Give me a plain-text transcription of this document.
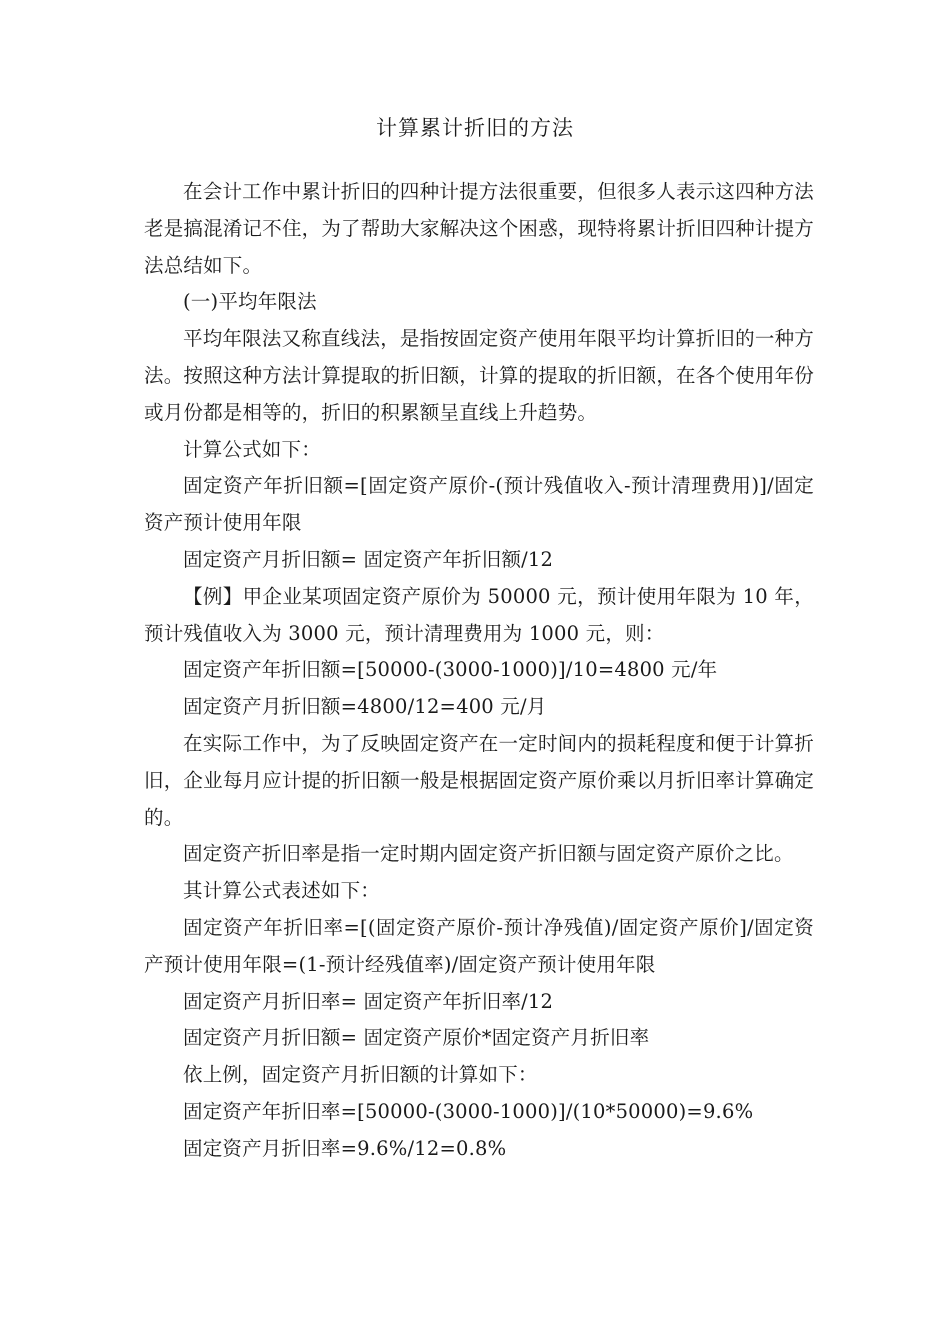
计算累计折旧的方法

在会计工作中累计折旧的四种计提方法很重要，但很多人表示这四种方法老是搞混淆记不住，为了帮助大家解决这个困惑，现特将累计折旧四种计提方法总结如下。

(一)平均年限法

平均年限法又称直线法，是指按固定资产使用年限平均计算折旧的一种方法。按照这种方法计算提取的折旧额，计算的提取的折旧额，在各个使用年份或月份都是相等的，折旧的积累额呈直线上升趋势。

计算公式如下：

固定资产年折旧额=[固定资产原价-(预计残值收入-预计清理费用)]/固定资产预计使用年限

固定资产月折旧额= 固定资产年折旧额/12

【例】甲企业某项固定资产原价为 50000 元，预计使用年限为 10 年，预计残值收入为 3000 元，预计清理费用为 1000 元，则：

固定资产年折旧额=[50000-(3000-1000)]/10=4800 元/年

固定资产月折旧额=4800/12=400 元/月

在实际工作中，为了反映固定资产在一定时间内的损耗程度和便于计算折旧，企业每月应计提的折旧额一般是根据固定资产原价乘以月折旧率计算确定的。

固定资产折旧率是指一定时期内固定资产折旧额与固定资产原价之比。

其计算公式表述如下：

固定资产年折旧率=[(固定资产原价-预计净残值)/固定资产原价]/固定资产预计使用年限=(1-预计经残值率)/固定资产预计使用年限

固定资产月折旧率= 固定资产年折旧率/12

固定资产月折旧额= 固定资产原价*固定资产月折旧率

依上例，固定资产月折旧额的计算如下：

固定资产年折旧率=[50000-(3000-1000)]/(10*50000)=9.6%

固定资产月折旧率=9.6%/12=0.8%
